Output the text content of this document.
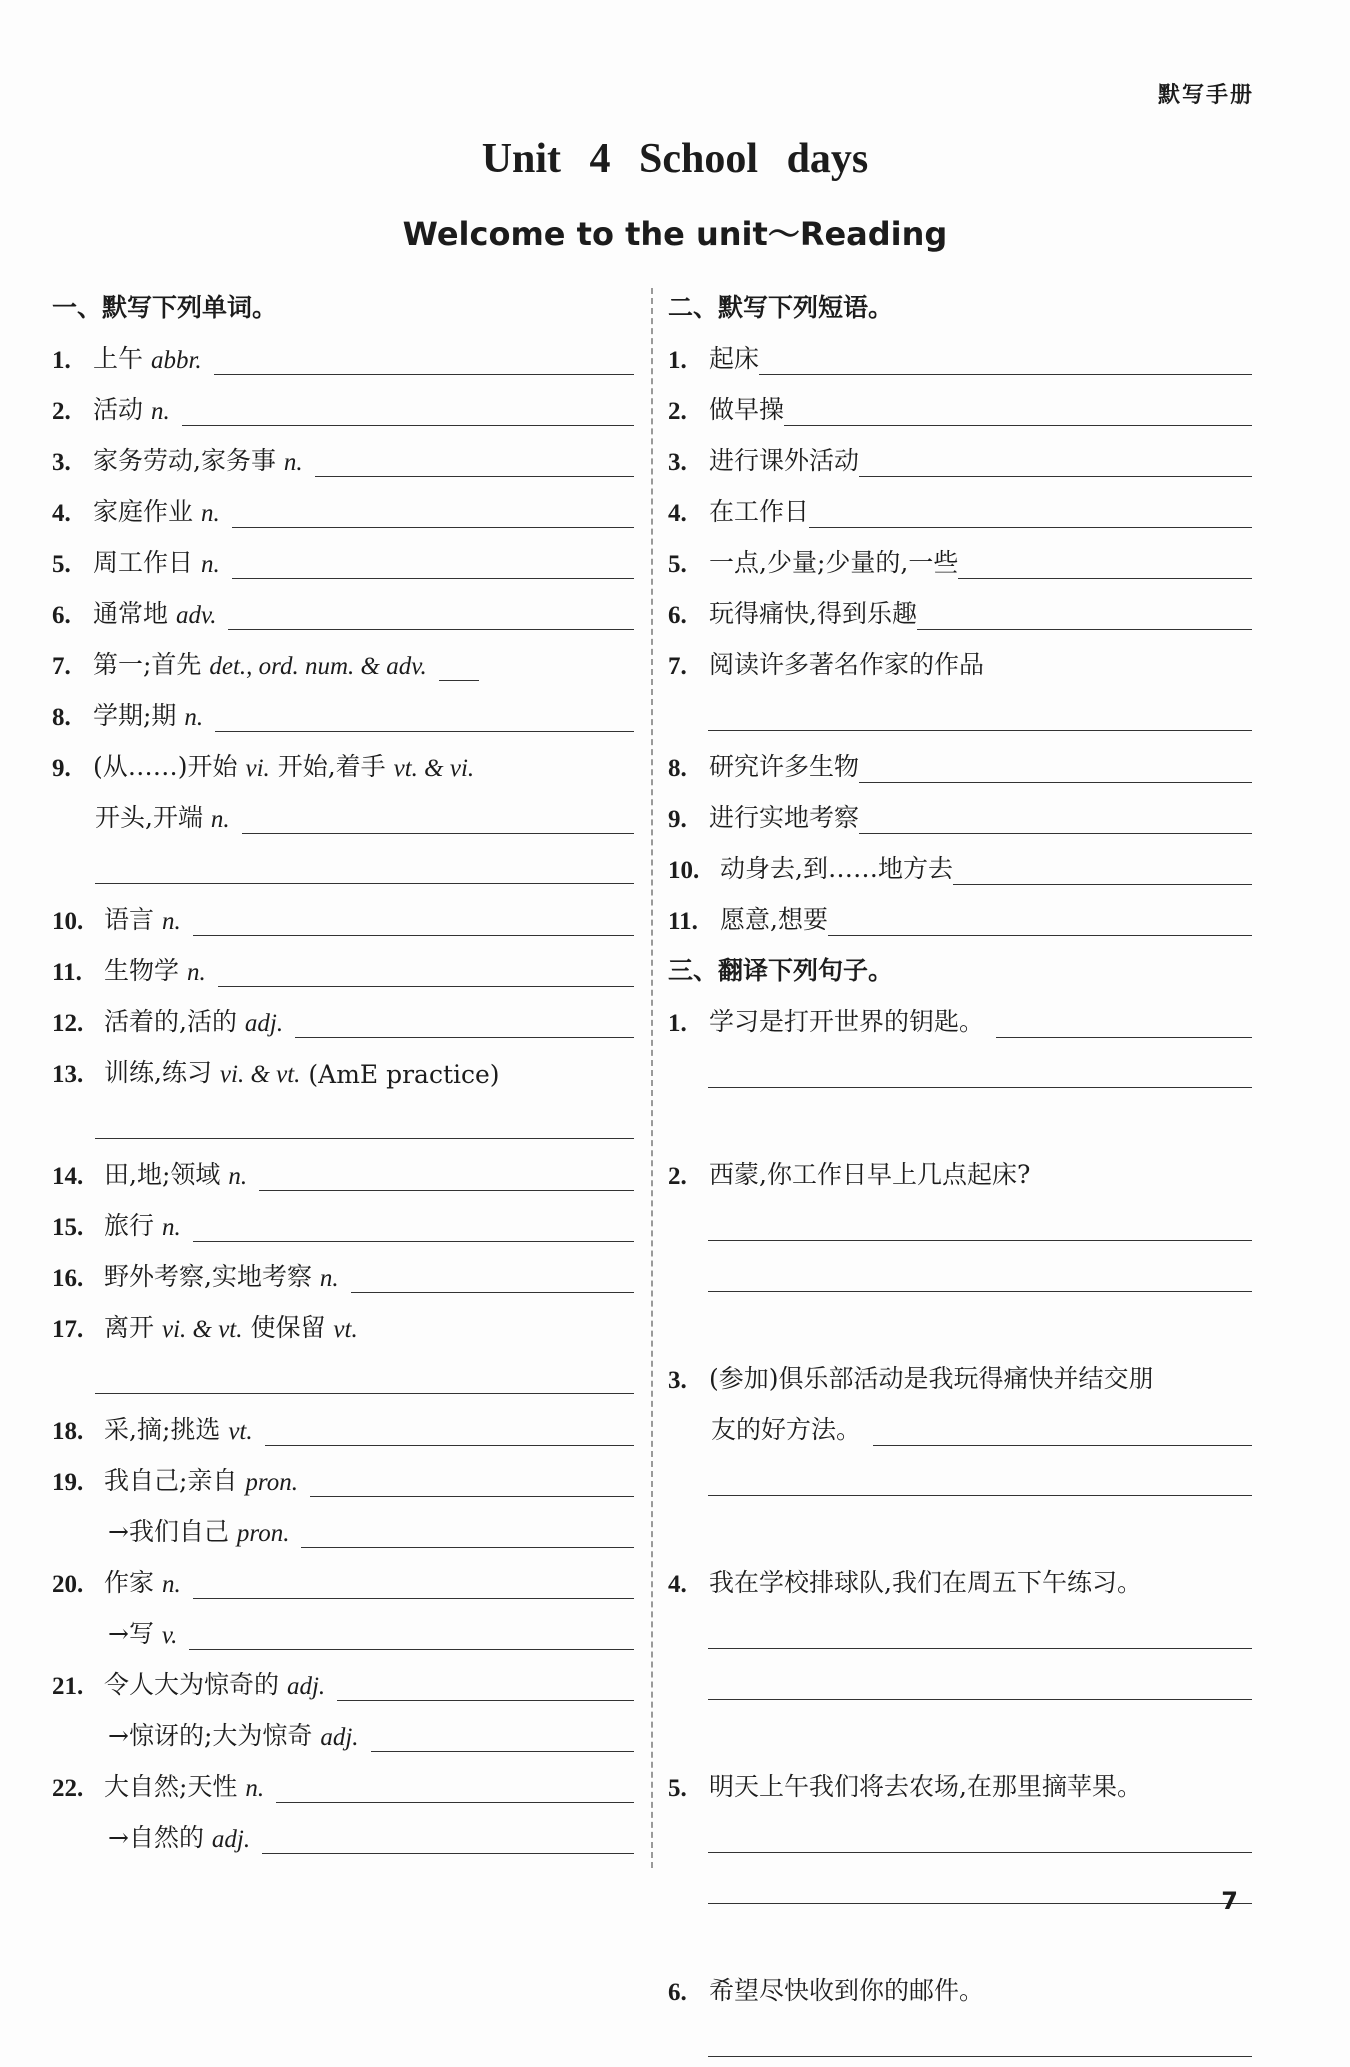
默写手册
Unit 4 School days
Welcome to the unit～Reading
一、默写下列单词。
1. 上午
abbr.
2. 活动
n.
3. 家务劳动,家务事
n.
4. 家庭作业
n.
5. 周工作日
n.
6. 通常地
adv.
7. 第一;首先
det., ord. num. & adv.
8. 学期;期
n.
9. (从……)开始
vi.
开始,着手
vt. & vi.
开头,开端
n.
10. 语言
n.
11. 生物学
n.
12. 活着的,活的
adj.
13. 训练,练习
vi. & vt.
(AmE practice)
14. 田,地;领域
n.
15. 旅行
n.
16. 野外考察,实地考察
n.
17. 离开
vi. & vt.
使保留
vt.
18. 采,摘;挑选
vt.
19. 我自己;亲自
pron.
→我们自己
pron.
20. 作家
n.
→写
v.
21. 令人大为惊奇的
adj.
→惊讶的;大为惊奇
adj.
22. 大自然;天性
n.
→自然的
adj.
二、默写下列短语。
1. 起床
2. 做早操
3. 进行课外活动
4. 在工作日
5. 一点,少量;少量的,一些
6. 玩得痛快,得到乐趣
7. 阅读许多著名作家的作品
8. 研究许多生物
9. 进行实地考察
10. 动身去,到……地方去
11. 愿意,想要
三、翻译下列句子。
1. 学习是打开世界的钥匙。
2. 西蒙,你工作日早上几点起床?
3. (参加)俱乐部活动是我玩得痛快并结交朋
友的好方法。
4. 我在学校排球队,我们在周五下午练习。
5. 明天上午我们将去农场,在那里摘苹果。
6. 希望尽快收到你的邮件。
7
